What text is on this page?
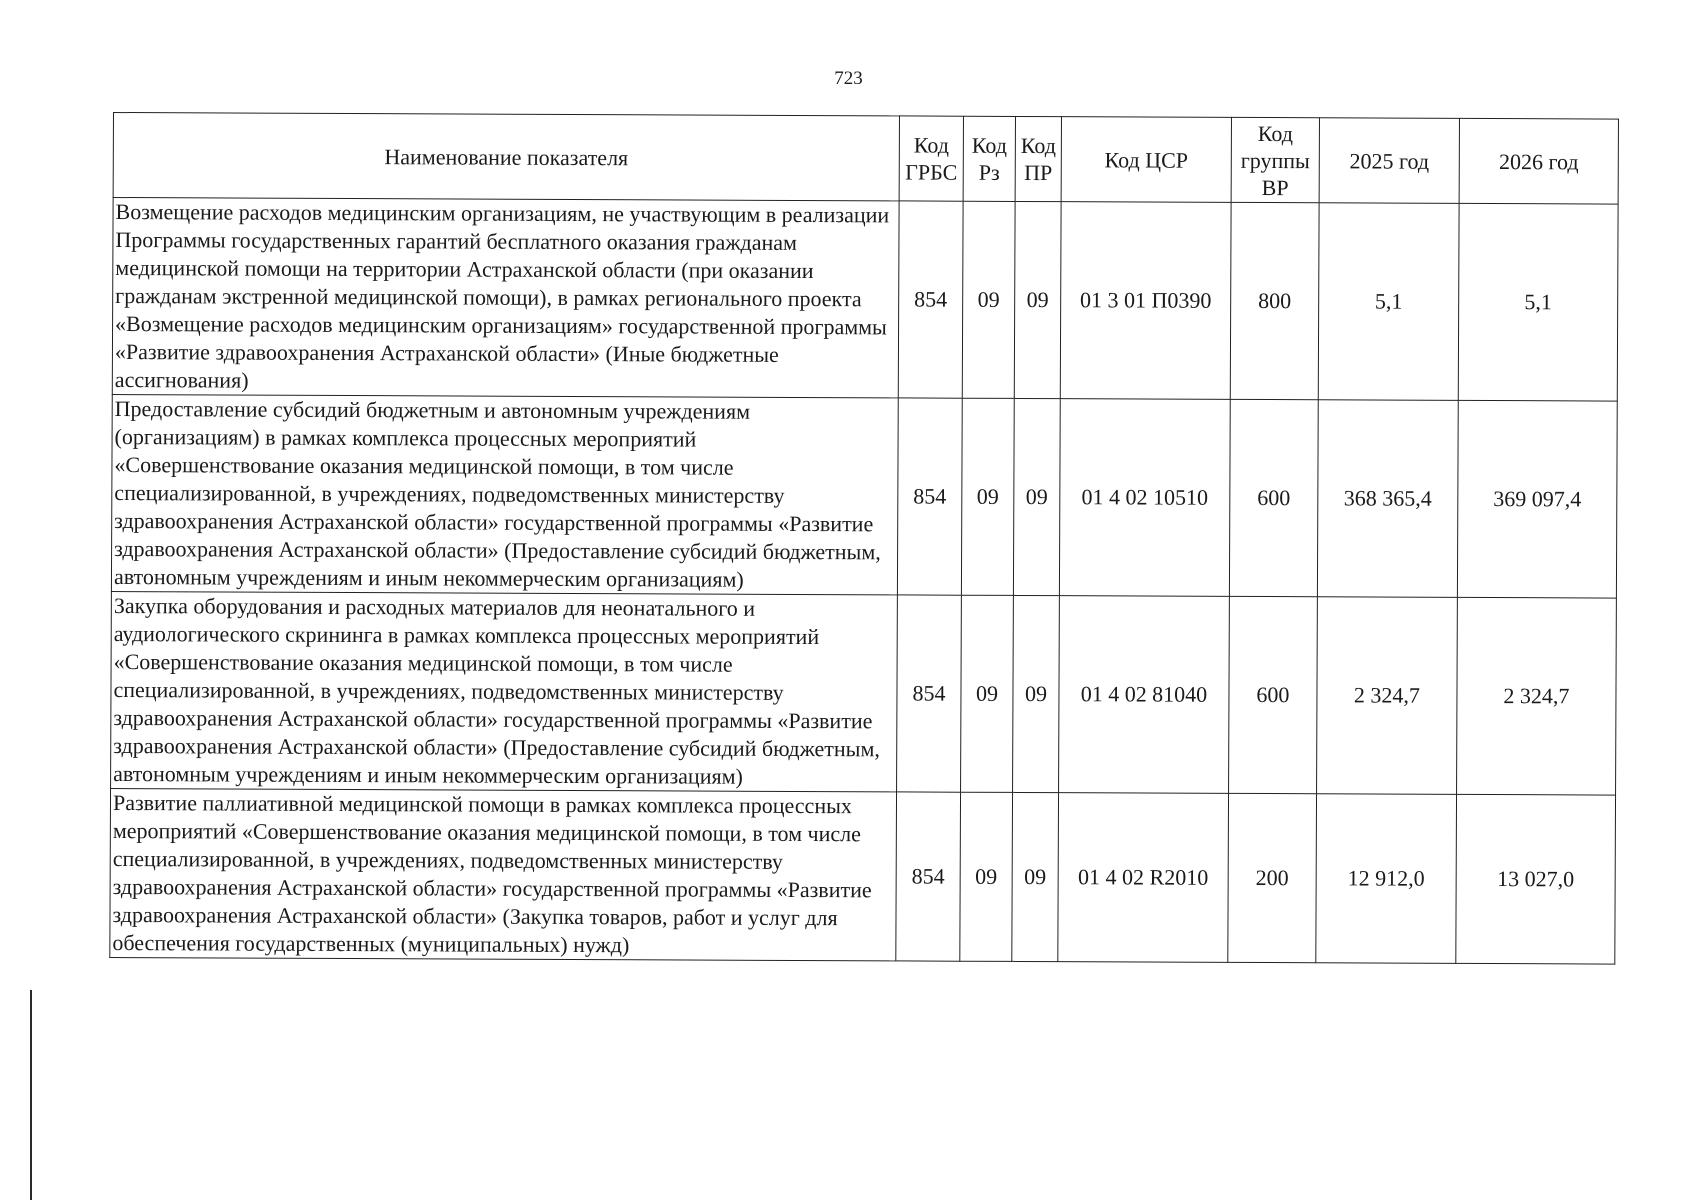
723
Наименование показателя	Код ГРБС	Код Рз	Код ПР	Код ЦСР	Код группы ВР	2025 год	2026 год
Возмещение расходов медицинским организациям, не участвующим в реализации Программы государственных гарантий бесплатного оказания гражданам медицинской помощи на территории Астраханской области (при оказании гражданам экстренной медицинской помощи), в рамках регионального проекта «Возмещение расходов медицинским организациям» государственной программы «Развитие здравоохранения Астраханской области» (Иные бюджетные ассигнования)	854	09	09	01 3 01 П0390	800	5,1	5,1
Предоставление субсидий бюджетным и автономным учреждениям (организациям) в рамках комплекса процессных мероприятий «Совершенствование оказания медицинской помощи, в том числе специализированной, в учреждениях, подведомственных министерству здравоохранения Астраханской области» государственной программы «Развитие здравоохранения Астраханской области» (Предоставление субсидий бюджетным, автономным учреждениям и иным некоммерческим организациям)	854	09	09	01 4 02 10510	600	368 365,4	369 097,4
Закупка оборудования и расходных материалов для неонатального и аудиологического скрининга в рамках комплекса процессных мероприятий «Совершенствование оказания медицинской помощи, в том числе специализированной, в учреждениях, подведомственных министерству здравоохранения Астраханской области» государственной программы «Развитие здравоохранения Астраханской области» (Предоставление субсидий бюджетным, автономным учреждениям и иным некоммерческим организациям)	854	09	09	01 4 02 81040	600	2 324,7	2 324,7
Развитие паллиативной медицинской помощи в рамках комплекса процессных мероприятий «Совершенствование оказания медицинской помощи, в том числе специализированной, в учреждениях, подведомственных министерству здравоохранения Астраханской области» государственной программы «Развитие здравоохранения Астраханской области» (Закупка товаров, работ и услуг для обеспечения государственных (муниципальных) нужд)	854	09	09	01 4 02 R2010	200	12 912,0	13 027,0
